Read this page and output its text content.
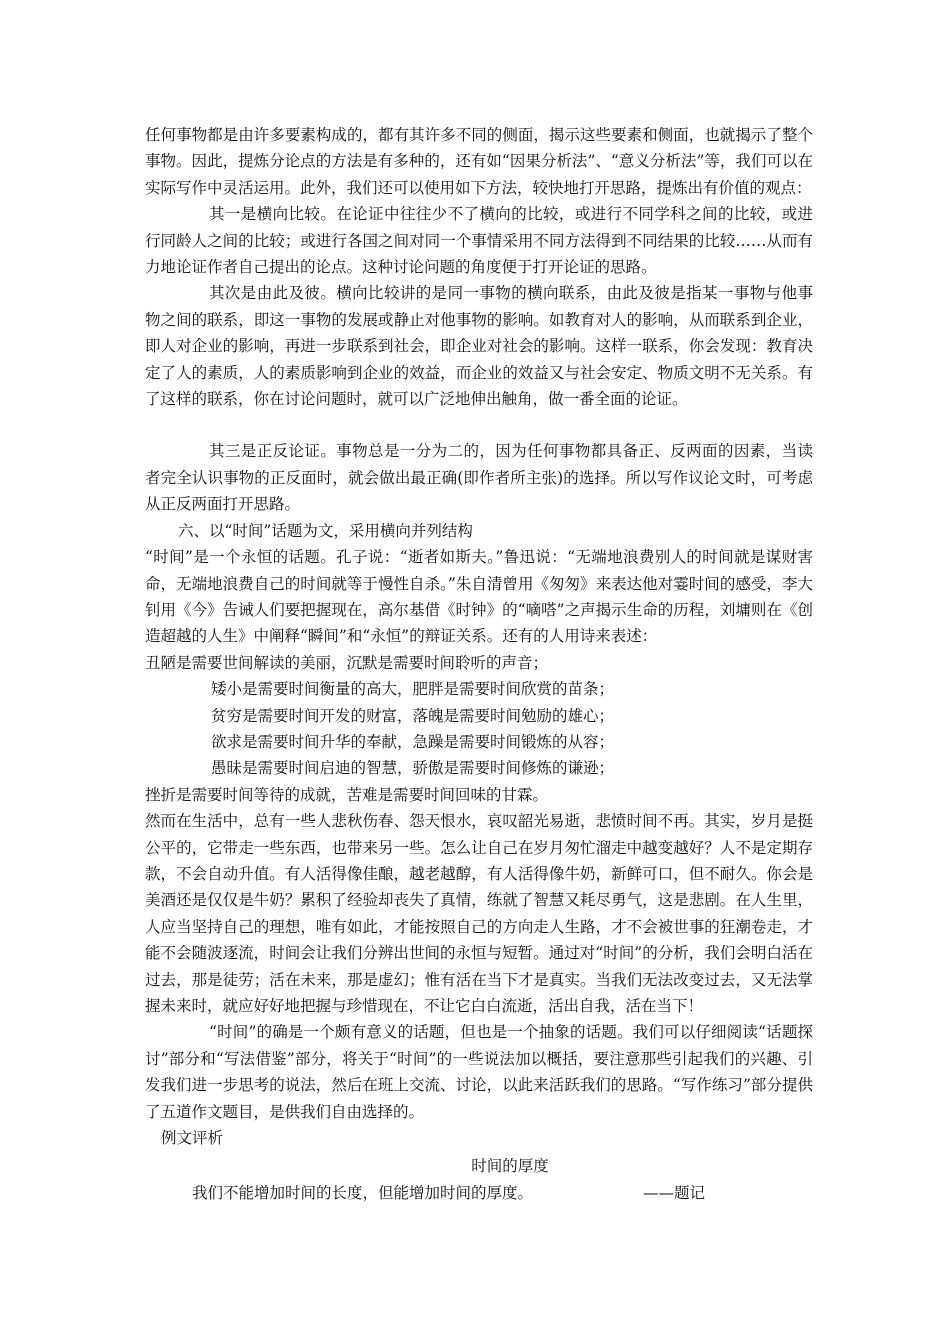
任何事物都是由许多要素构成的，都有其许多不同的侧面，揭示这些要素和侧面，也就揭示了整个事物。因此，提炼分论点的方法是有多种的，还有如“因果分析法”、“意义分析法”等，我们可以在实际写作中灵活运用。此外，我们还可以使用如下方法，较快地打开思路，提炼出有价值的观点：

其一是横向比较。在论证中往往少不了横向的比较，或进行不同学科之间的比较，或进行同龄人之间的比较；或进行各国之间对同一个事情采用不同方法得到不同结果的比较……从而有力地论证作者自己提出的论点。这种讨论问题的角度便于打开论证的思路。

其次是由此及彼。横向比较讲的是同一事物的横向联系，由此及彼是指某一事物与他事物之间的联系，即这一事物的发展或静止对他事物的影响。如教育对人的影响，从而联系到企业，即人对企业的影响，再进一步联系到社会，即企业对社会的影响。这样一联系，你会发现：教育决定了人的素质，人的素质影响到企业的效益，而企业的效益又与社会安定、物质文明不无关系。有了这样的联系，你在讨论问题时，就可以广泛地伸出触角，做一番全面的论证。

其三是正反论证。事物总是一分为二的，因为任何事物都具备正、反两面的因素，当读者完全认识事物的正反面时，就会做出最正确(即作者所主张)的选择。所以写作议论文时，可考虑从正反两面打开思路。

六、以“时间”话题为文，采用横向并列结构

“时间”是一个永恒的话题。孔子说：“逝者如斯夫。”鲁迅说：“无端地浪费别人的时间就是谋财害命，无端地浪费自己的时间就等于慢性自杀。”朱自清曾用《匆匆》来表达他对霎时间的感受，李大钊用《今》告诫人们要把握现在，高尔基借《时钟》的“嘀嗒”之声揭示生命的历程，刘墉则在《创造超越的人生》中阐释“瞬间”和“永恒”的辩证关系。还有的人用诗来表述：

丑陋是需要世间解读的美丽，沉默是需要时间聆听的声音；

矮小是需要时间衡量的高大，肥胖是需要时间欣赏的苗条；

贫穷是需要时间开发的财富，落魄是需要时间勉励的雄心；

欲求是需要时间升华的奉献，急躁是需要时间锻炼的从容；

愚昧是需要时间启迪的智慧，骄傲是需要时间修炼的谦逊；

挫折是需要时间等待的成就，苦难是需要时间回味的甘霖。

然而在生活中，总有一些人悲秋伤春、怨天恨水，哀叹韶光易逝，悲愤时间不再。其实，岁月是挺公平的，它带走一些东西，也带来另一些。怎么让自己在岁月匆忙溜走中越变越好？人不是定期存款，不会自动升值。有人活得像佳酿，越老越醇，有人活得像牛奶，新鲜可口，但不耐久。你会是美酒还是仅仅是牛奶？累积了经验却丧失了真情，练就了智慧又耗尽勇气，这是悲剧。在人生里，人应当坚持自己的理想，唯有如此，才能按照自己的方向走人生路，才不会被世事的狂潮卷走，才能不会随波逐流，时间会让我们分辨出世间的永恒与短暂。通过对“时间”的分析，我们会明白活在过去，那是徒劳；活在未来，那是虚幻；惟有活在当下才是真实。当我们无法改变过去，又无法掌握未来时，就应好好地把握与珍惜现在，不让它白白流逝，活出自我，活在当下！

“时间”的确是一个颇有意义的话题，但也是一个抽象的话题。我们可以仔细阅读“话题探讨”部分和“写法借鉴”部分，将关于“时间”的一些说法加以概括，要注意那些引起我们的兴趣、引发我们进一步思考的说法，然后在班上交流、讨论，以此来活跃我们的思路。“写作练习”部分提供了五道作文题目，是供我们自由选择的。

例文评析

时间的厚度

我们不能增加时间的长度，但能增加时间的厚度。	——题记
